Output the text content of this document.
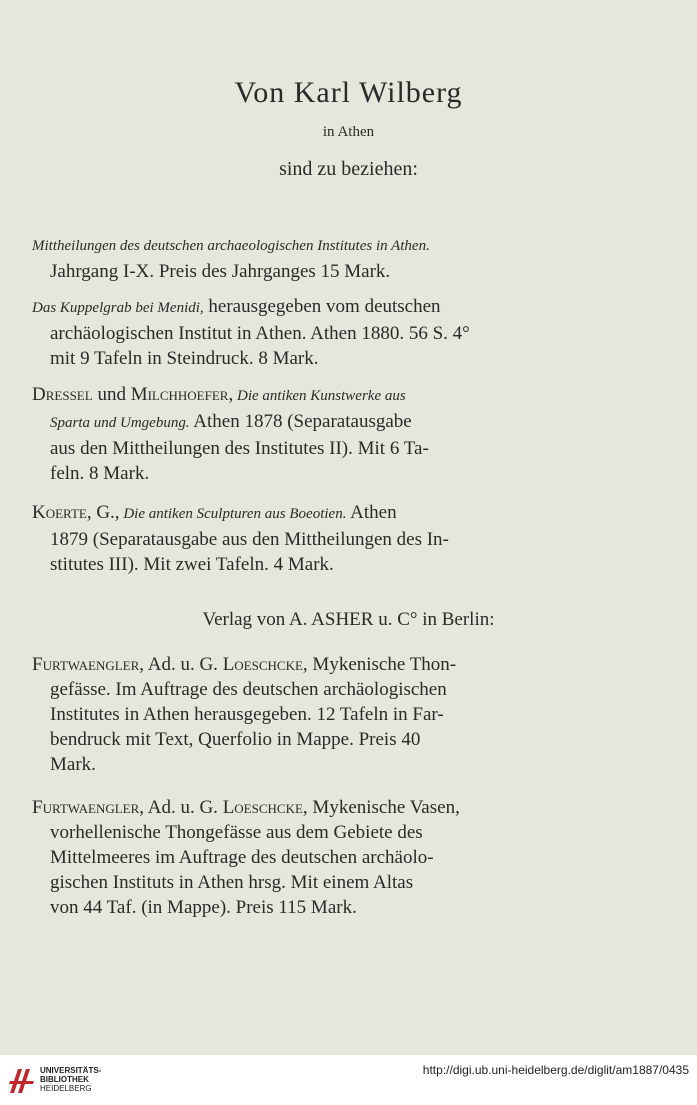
Von Karl Wilberg
in Athen
sind zu beziehen:
Mittheilungen des deutschen archaeologischen Institutes in Athen.
Jahrgang I-X. Preis des Jahrganges 15 Mark.
Das Kuppelgrab bei Menidi, herausgegeben vom deutschen
archäologischen Institut in Athen. Athen 1880. 56 S. 4°
mit 9 Tafeln in Steindruck. 8 Mark.
Dressel und Milchhoefer, Die antiken Kunstwerke aus
Sparta und Umgebung. Athen 1878 (Separatausgabe
aus den Mittheilungen des Institutes II). Mit 6 Ta-
feln. 8 Mark.
Koerte, G., Die antiken Sculpturen aus Boeotien. Athen
1879 (Separatausgabe aus den Mittheilungen des In-
stitutes III). Mit zwei Tafeln. 4 Mark.
Verlag von A. ASHER u. C° in Berlin:
Furtwaengler, Ad. u. G. Loeschcke, Mykenische Thon-
gefässe. Im Auftrage des deutschen archäologischen
Institutes in Athen herausgegeben. 12 Tafeln in Far-
bendruck mit Text, Querfolio in Mappe. Preis 40
Mark.
Furtwaengler, Ad. u. G. Loeschcke, Mykenische Vasen,
vorhellenische Thongefässe aus dem Gebiete des
Mittelmeeres im Auftrage des deutschen archäolo-
gischen Instituts in Athen hrsg. Mit einem Altas
von 44 Taf. (in Mappe). Preis 115 Mark.
UNIVERSITÄTS-
BIBLIOTHEK
HEIDELBERG
http://digi.ub.uni-heidelberg.de/diglit/am1887/0435
